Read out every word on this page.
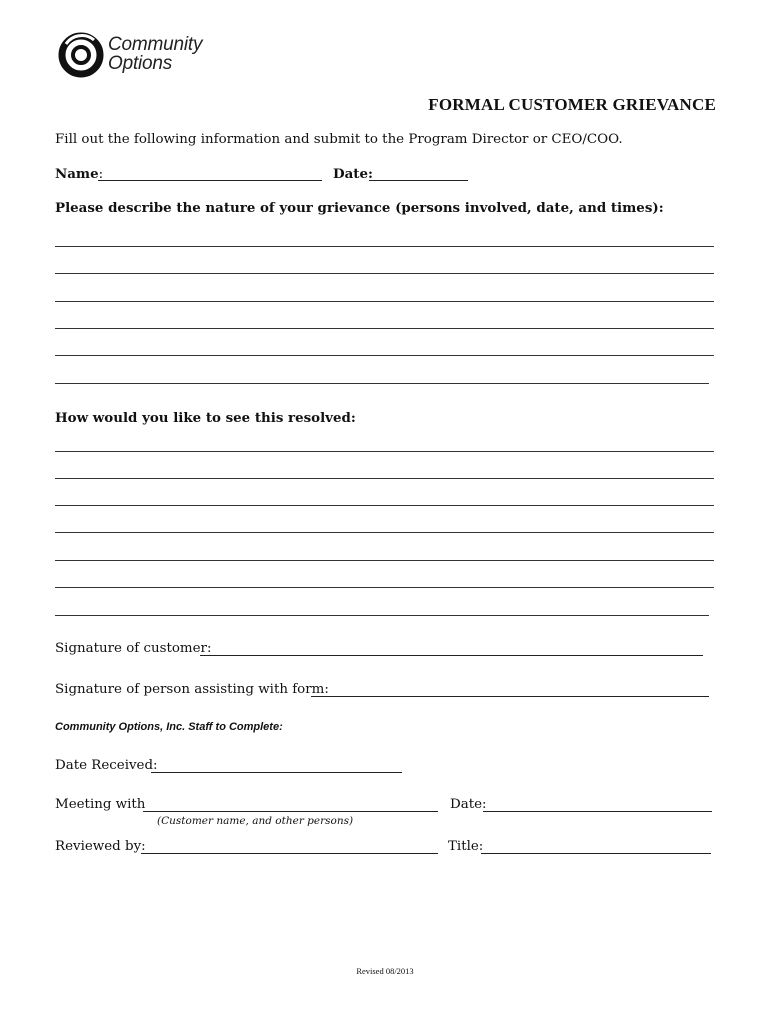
Community
Options
FORMAL CUSTOMER GRIEVANCE
Fill out the following information and submit to the Program Director or CEO/COO.
Name:	Date:
Please describe the nature of your grievance (persons involved, date, and times):
How would you like to see this resolved:
Signature of customer:
Signature of person assisting with form:
Community Options, Inc. Staff to Complete:
Date Received:
Meeting with
(Customer name, and other persons)
Date:
Reviewed by:	Title:
Revised 08/2013
